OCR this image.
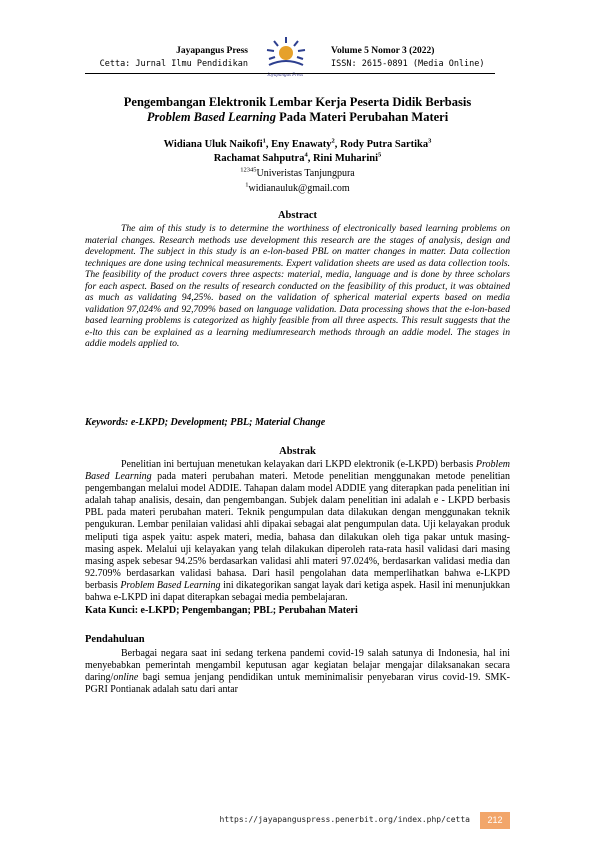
Jayapangus Press
Cetta: Jurnal Ilmu Pendidikan
Jayapangus Press
Volume 5 Nomor 3 (2022)
ISSN: 2615-0891 (Media Online)
Pengembangan Elektronik Lembar Kerja Peserta Didik Berbasis
Problem Based Learning Pada Materi Perubahan Materi
Widiana Uluk Naikofi$^1$, Eny Enawaty$^2$, Rody Putra Sartika$^3$
Rachamat Sahputra$^4$, Rini Muharini$^5$
$^{12345}$Univeristas Tanjungpura
$^1$widianauluk@gmail.com
Abstract
The aim of this study is to determine the worthiness of electronically based learning problems on material changes. Research methods use development this research are the stages of analysis, design and development. The subject in this study is an e-lon-based PBL on matter changes in matter. Data collection techniques are done using technical measurements. Expert validation sheets are used as data collection tools. The feasibility of the product covers three aspects: material, media, language and is done by three scholars for each aspect. Based on the results of research conducted on the feasibility of this product, it was obtained as much as validating 94,25%. based on the validation of spherical material experts based on media validation 97,024% and 92,709% based on language validation. Data processing shows that the e-lon-based based learning problems is categorized as highly feasible from all three aspects. This result suggests that the e-lto this can be explained as a learning mediumresearch methods through an addie model. The stages in addie models applied to.
Keywords: e-LKPD; Development; PBL; Material Change
Abstrak
Penelitian ini bertujuan menetukan kelayakan dari LKPD elektronik (e-LKPD) berbasis Problem Based Learning pada materi perubahan materi. Metode penelitian menggunakan metode penelitian pengembangan melalui model ADDIE. Tahapan dalam model ADDIE yang diterapkan pada penelitian ini adalah tahap analisis, desain, dan pengembangan. Subjek dalam penelitian ini adalah e - LKPD berbasis PBL pada materi perubahan materi. Teknik pengumpulan data dilakukan dengan menggunakan teknik pengukuran. Lembar penilaian validasi ahli dipakai sebagai alat pengumpulan data. Uji kelayakan produk meliputi tiga aspek yaitu: aspek materi, media, bahasa dan dilakukan oleh tiga pakar untuk masing-masing aspek. Melalui uji kelayakan yang telah dilakukan diperoleh rata-rata hasil validasi dari masing masing aspek sebesar 94.25% berdasarkan validasi ahli materi 97.024%, berdasarkan validasi media dan 92.709% berdasarkan validasi bahasa. Dari hasil pengolahan data memperlihatkan bahwa e-LKPD berbasis Problem Based Learning ini dikategorikan sangat layak dari ketiga aspek. Hasil ini menunjukkan bahwa e-LKPD ini dapat diterapkan sebagai media pembelajaran.
Kata Kunci: e-LKPD; Pengembangan; PBL; Perubahan Materi
Pendahuluan
Berbagai negara saat ini sedang terkena pandemi covid-19 salah satunya di Indonesia, hal ini menyebabkan pemerintah mengambil keputusan agar kegiatan belajar mengajar dilaksanakan secara daring/online bagi semua jenjang pendidikan untuk meminimalisir penyebaran virus covid-19. SMK-PGRI Pontianak adalah satu dari antar
https://jayapanguspress.penerbit.org/index.php/cetta	212
